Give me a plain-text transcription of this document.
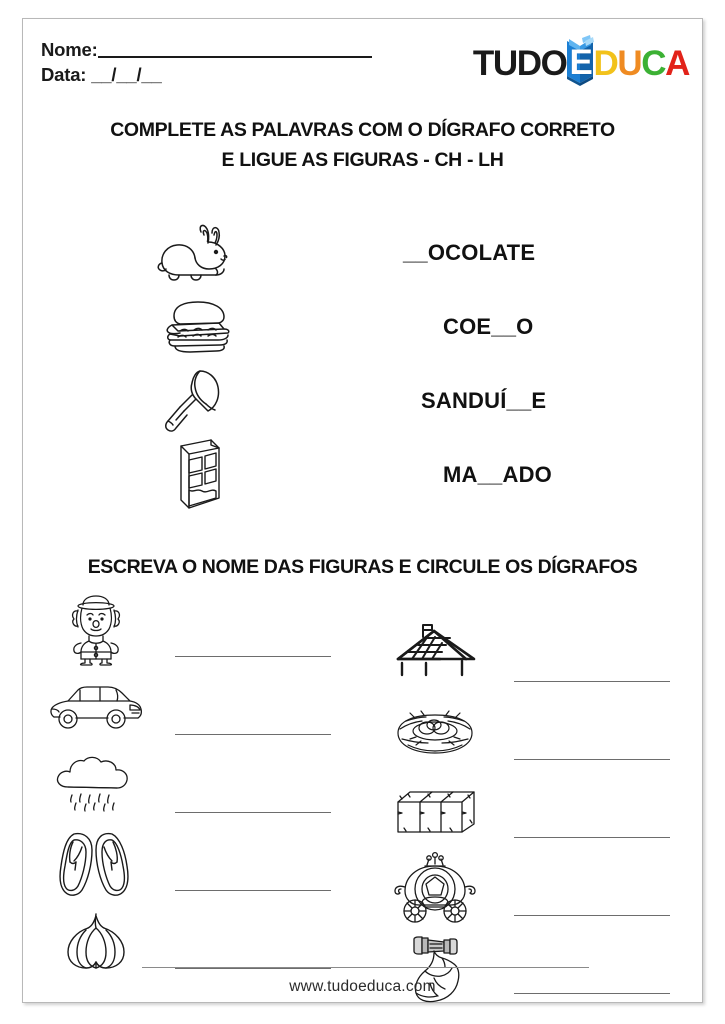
Nome:
Data: __/__/__	TUDO E D U C A
COMPLETE AS PALAVRAS COM O DÍGRAFO CORRETO
E LIGUE AS FIGURAS - CH - LH
__OCOLATE
COE__O
SANDUÍ__E
MA__ADO
ESCREVA O NOME DAS FIGURAS E CIRCULE OS DÍGRAFOS
www.tudoeduca.com
